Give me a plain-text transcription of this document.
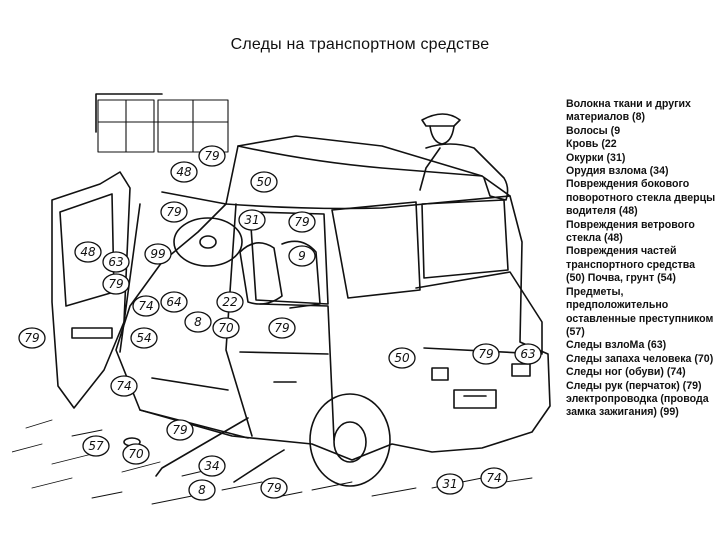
Следы на транспортном средстве
79
48
50
79
31	79
9
48
63
99
79
74 64	22
8 70	79
79	54
50	79 63
74
79
57
70
34
8	79	31 74
Волокна ткани и других материалов (8)
Волосы (9
Кровь (22
Окурки (31)
Орудия взлома (34)
Повреждения бокового поворотного стекла дверцы водителя (48)
Повреждения ветрового стекла (48)
Повреждения частей транспортного средства (50) Почва, грунт (54)
Предметы, предположительно оставленные преступником (57)
Следы взлоМа (63)
Следы запаха человека (70)
Следы ног (обуви) (74)
Следы рук (перчаток) (79)
электропроводка (провода замка зажигания) (99)
